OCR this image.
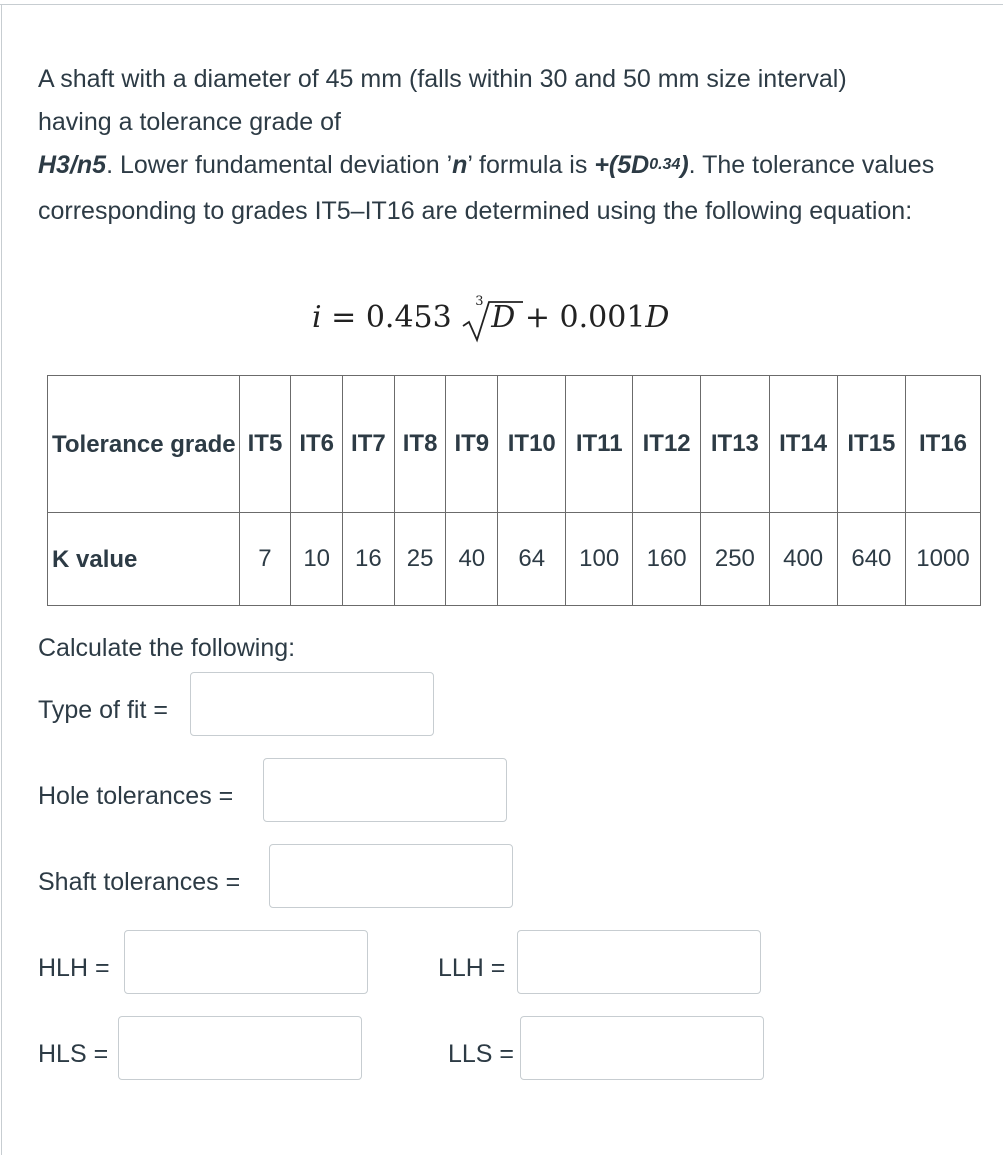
A shaft with a diameter of 45 mm (falls within 30 and 50 mm size interval)

having a tolerance grade of

H3/n5. Lower fundamental deviation ’n’ formula is $+(5D^{0.34})$. The tolerance values corresponding to grades IT5–IT16 are determined using the following equation:

i = 0.453 3 D + 0.001D
Tolerance grade	IT5	IT6	IT7	IT8	IT9	IT10	IT11	IT12	IT13	IT14	IT15	IT16
K value	7	10	16	25	40	64	100	160	250	400	640	1000
Calculate the following:
Type of fit =
Hole tolerances =
Shaft tolerances =
HLH =	LLH =
HLS =	LLS =
